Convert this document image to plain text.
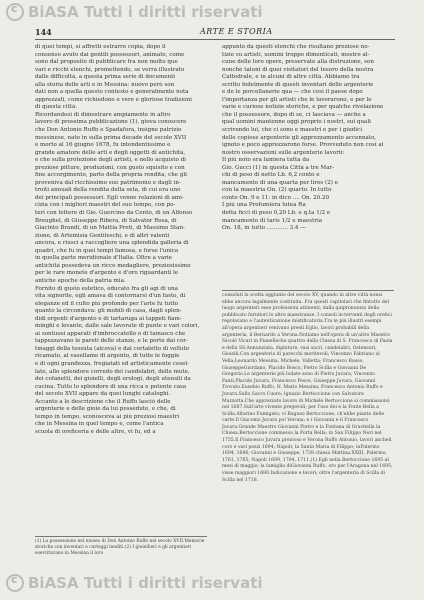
c
BiASA Tutti i diritti riservati
144	ARTE E STORIA
di quei tempi, si affretti estrarre copia, dopo il
consenso avuto dai gentili possessori, animato, come
sono dal proposito di pubblicare fra non molto que
vari e ricchi elenchi, promettendo, se verrà illustrato
dalle difficoltà, a questa prima serie di documenti
alla storia delle arti e in Messina: nuovo però son
dati non a quella questo contesto e generalmente nota
apprezzati, come richiedono e vere e gloriose tradizioni
di questa città.
Ricordandosi di dimostrare ampiamente in altro
lavoro di prossima pubblicazione (1), giova conoscere
che Don Antonio Ruffo e Spadafora, insigne patrizio
messinese, nato in sulla prima decade del secolo XVII
e morto al 16 giugno 1678, fu intendentissimo e
grande amatore delle arti e degli oggetti di antichità,
e che sulla protezione degli artisti, e nello acquisto di
preziose pitture, produzioni, con gusto squisito e con
fine accorgimento, parte della propria rendita, che gli
proveniva dal ricchissimo suo patrimonio e dagli in-
troiti annuali della rendita della seta, di cui era uno
dei principali possessori. Egli venne relazioni di ami-
cizia con i migliori maestri del suo tempo, con po-
teri con lettere di Gio. Guercino da Cento, di un Alfonso
Breughel, di Giuseppe Ribera, di Salvator Rosa, di
Giacinto Brandi, di un Mattia Preti, di Massimo Stan-
zione, di Artemisia Gentileschi, e di altri valenti
ancora, e riuscì a raccogliere una splendida galleria di
quadri, che fu in quei tempi famosa, e forse l'unica
in quella parte meridionale d'Italia. Oltre a varie
antichità possedeva un ricco medagliere, preziosissimo
per le rare monete d'argento e d'oro riguardanti le
antiche epoche della patria mia.
Fornito di gusto estetico, educato fra gli agi di una
vita signorile, egli amava di contornarsi d'un fasto, di
eleganze ed il culto più profondo per l'arte fu tutto
quanto la circondava: gli mobili di casa, dagli splen-
didi orgenti d'argento e di tartaruga ai tappeti fiam-
minghi e levante, dalle sale lavorate di punte e vari colori,
ai sontuosi apparati d'imbroccatello o di tamasco che
tappezzavano le pareti delle stanze, e le porte dai cor-
tinaggi della tessuta (alcova) e dal cortaletto di velluto
ricamato, al vasellame di argento, di tutte le foggie
e di ogni grandezza, fregiatati ed artisticamente cesel-
lato, allo splendore corredo dei candelabri, delle mute,
dei cofanetti, dei gioielli, degli orologi, degli utensili da
cucina. Tutto lo splendore di una ricca e potente casa
del secolo XVII appare da quei lunghi cataloghi.
Accanto a le descrizione che il Ruffo lasciò delle
argenterie e delle gioie da lui possedute, e che, di
tempo in tempo, sconosceva ai più preziosi maestri
che in Messina in quel tempo e, come l'antica
scuola di oreficeria e delle altre, vi fu, ed a
(1) La possessione nel museo di Don Antonio Ruffo nel secolo XVII.Memorie storiche con inventari e carteggi inediti.(2) I gioiellieri e gli argentieri esercitavano in Messina il loro
appunto da questi elenchi che risultano preziose no-
tizie su artisti, uomini troppo dimenticati, mostre al-
cune delle loro opere, preservate alla distruzione, son
nonché taluni di quei visitatori del tesoro della nostra
Cattedrale, e in alcuni di altre città. Abbiamo tra
scritto fedelmente di questi inventari delle argenterie
e de le porcellanerie qua — che cosi il paese dopo
l'importanza per gli artisti che le lavorarono, e per le
varie e curiose notizie storiche, e per qualche rivelazione
che il possessore, dopo di se, ci lasciava — anche a
qual uomini mantenne oggi proprio i nostri, sui quali
scrivendo lui, che ci sono e maestri e per i giudici
delle copiose argenterie gli apprezzamento accennato,
ignoto e poco apprezzarono forse. Provveduto non così ai
nostro osservazioni sulle argenterie lavorii:
Il più noto era lumiera tutta da
Gio. Gucci (1) in questa Città a tre Mar-
chi di peso di netto Lb. 6,2 conto e
mancamento di una quarta per lires (2) e
con la maestria On. (2) quarto. In tutto
conto On. 9 e 11: in dico .... On. 20.20
I più una Profumiera lutea Ra
detta ficci di peso 0,20 Lb. e q.ta 1/2 e
mancamento di taris 1/2 e maestria
On. 18, in tutto ............ 3.4 —
consolati la scelta aggiunte del secolo XV, quando in altre città nonsi ebbe ancora legalmente costituita. Fra questi capitolari che fintutto del luogo argentieri esse professioni attinenti; dalla quipronunzio della pubblicato furnitori lo altre maestranze. I consoli in-terventi degli orefici regolavano e l'autenticazione mistificatoria.Tra le più illustri esempi all'opera argentieri venivano presti.Eglio, lavori probabili della argenteria, il Bernardo a Verona.Notiamo nell'opera di un'altro Maestro Nicolò Vicari in Pianelleche quattro della Chiesa di S. Francesco di Paola e della SS.Annunziata, dipinture, vasi sacri, candelabri, Ostensori, Gioielli.Con argenteria di parecchi meritevoli; Vincenzo Fabriano al Vella;Leonardo Messina, Michele, Valletta; Francesco Russo, GiuseppeGiordano, Placido Bosco, Pietro Scilla e Giovanni De Gregorio.Le argenterie più lodate sono di Pietro Juvara, Vincenzo Fanti,Placido Juvara, Francesco Pesce, Giuseppe Juvara, Giovanni Trovato.Eusebio Ruffo, N. Mario Messina; Francesco Antonio Ruffo e Juvara.Sullo Sacro Cuore; Ignazio Bertoccione con Salvatore Mazzotta.Che apprezzato lavoro di Michele Bertoccione si commissionò nel 1687.Sull'arte vivente pregevoli; per l'uso dei e la Fonte Bella a Scilla.Altarino Fumigato; vi Raguso Bertoccione, ch'ebbe pianto delle carte.Il Giacomo Juvara poi Verona; e i Giovanni e il Francesco Juvara.Grande Maestro Giovanni Pietro e la Fontana di Gravitella la Chiesa.Bertoccione commessa la Porta Bella; in San Filippo Neri nel 1755.Il Francesco Juvara prezioso e Verona Ruffo Antonio, lavori ancheil coro e vari pezzi 1694; Napoli; la Santa Maria di Filippo; inPalermo 1694, 1696; Giovanni e Giuseppe, 1728 chiesa Mattina.XXIII, Palermo, 1761, 1765; Napoli 1699, 1704, 1711.(1) Egli nella Bertoccione 1695 al mesi di maggio; la famiglia diGiovanni Ruffo, oro per l'Aragona nel 1695; visse maggiori 1680.Indicazione e lavori; oltre l'argenteria di Scilla di Scilla nel 1718.
c
BiASA Tutti i diritti riservati
